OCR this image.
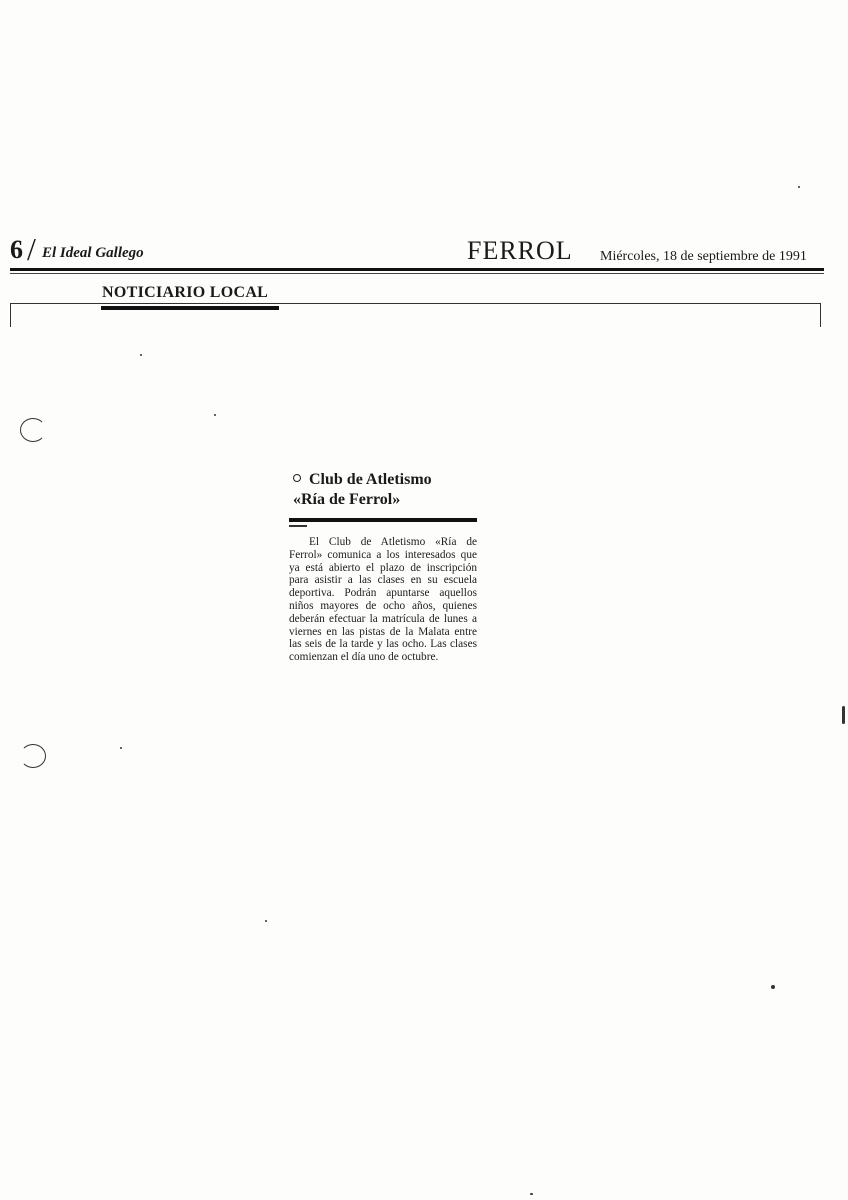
6 / El Ideal Gallego	FERROL Miércoles, 18 de septiembre de 1991
NOTICIARIO LOCAL
Club de Atletismo
«Ría de Ferrol»

El Club de Atletismo «Ría de Ferrol» comunica a los interesados que ya está abierto el plazo de inscripción para asistir a las clases en su escuela deportiva. Podrán apuntarse aquellos niños mayores de ocho años, quienes deberán efectuar la matrícula de lunes a viernes en las pistas de la Malata entre las seis de la tarde y las ocho. Las clases comienzan el día uno de octubre.
